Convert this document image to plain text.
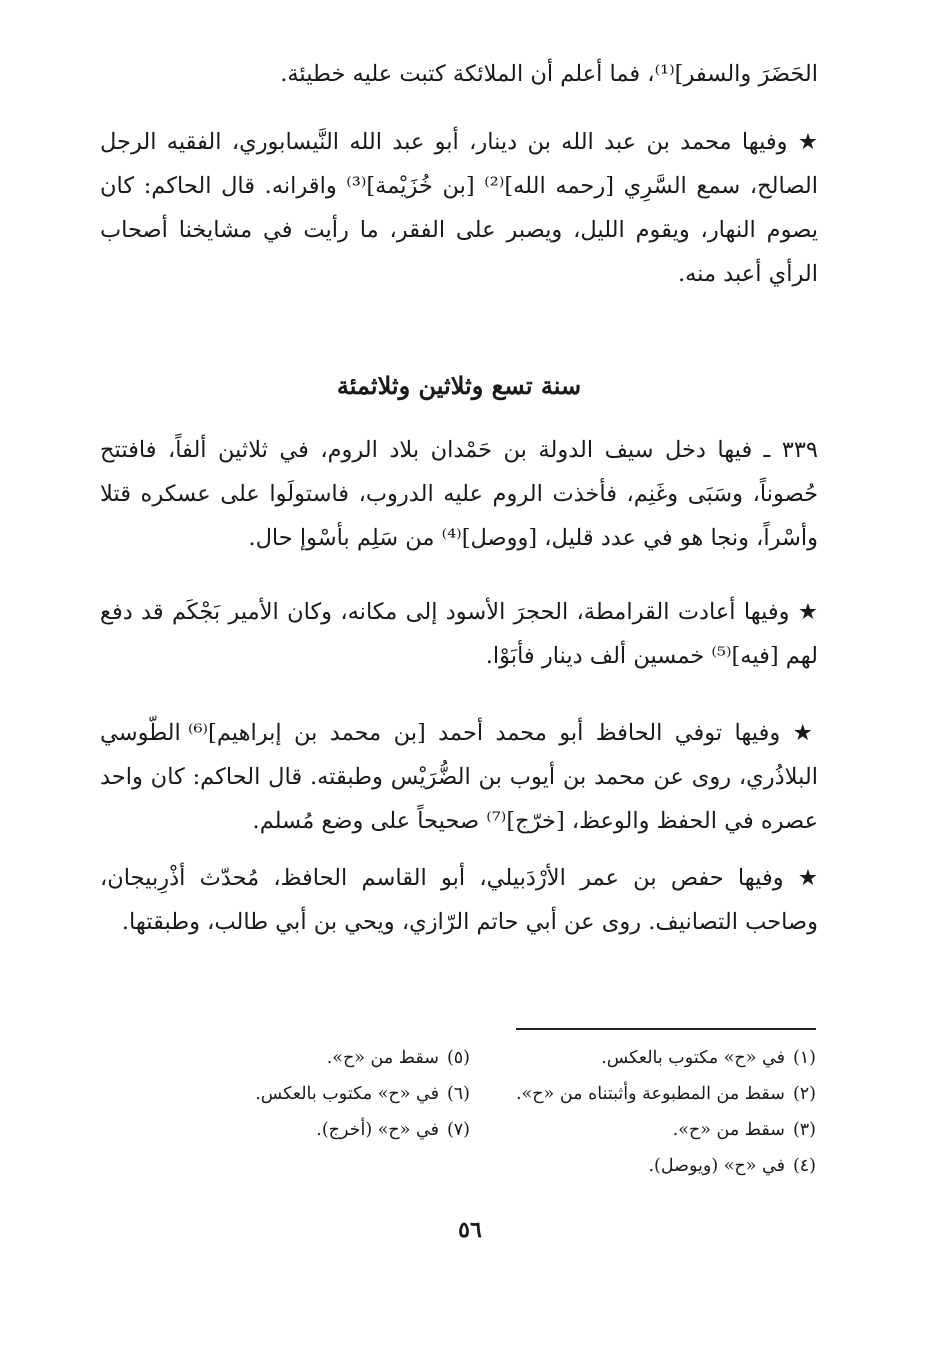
الحَضَرَ والسفر]⁽¹⁾، فما أعلم أن الملائكة كتبت عليه خطيئة.

★ وفيها محمد بن عبد الله بن دينار، أبو عبد الله النَّيسابوري، الفقيه الرجل الصالح، سمع السَّرِي [رحمه الله]⁽²⁾ [بن خُزَيْمة]⁽³⁾ واقرانه. قال الحاكم: كان يصوم النهار، ويقوم الليل، ويصبر على الفقر، ما رأيت في مشايخنا أصحاب الرأي أعبد منه.

سنة تسع وثلاثين وثلاثمئة

٣٣٩ ـ فيها دخل سيف الدولة بن حَمْدان بلاد الروم، في ثلاثين ألفاً، فافتتح حُصوناً، وسَبَى وغَنِم، فأخذت الروم عليه الدروب، فاستولَوا على عسكره قتلا وأسْراً، ونجا هو في عدد قليل، [ووصل]⁽⁴⁾ من سَلِم بأسْوإ حال.

★ وفيها أعادت القرامطة، الحجرَ الأسود إلى مكانه، وكان الأمير بَجْكَم قد دفع لهم [فيه]⁽⁵⁾ خمسين ألف دينار فأبَوْا.

★ وفيها توفي الحافظ أبو محمد أحمد [بن محمد بن إبراهيم]⁽⁶⁾ الطّوسي البلاذُري، روى عن محمد بن أيوب بن الضُّرَيْس وطبقته. قال الحاكم: كان واحد عصره في الحفظ والوعظ، [خرّج]⁽⁷⁾ صحيحاً على وضع مُسلم.

★ وفيها حفص بن عمر الأرْدَبيلي، أبو القاسم الحافظ، مُحدّث أذْرِبيجان، وصاحب التصانيف. روى عن أبي حاتم الرّازي، ويحي بن أبي طالب، وطبقتها.

(١)في «ح» مكتوب بالعكس.
(٢)سقط من المطبوعة وأثبتناه من «ح».
(٣)سقط من «ح».
(٤)في «ح» (ويوصل).
(٥)سقط من «ح».
(٦)في «ح» مكتوب بالعكس.
(٧)في «ح» (أخرج).
٥٦
